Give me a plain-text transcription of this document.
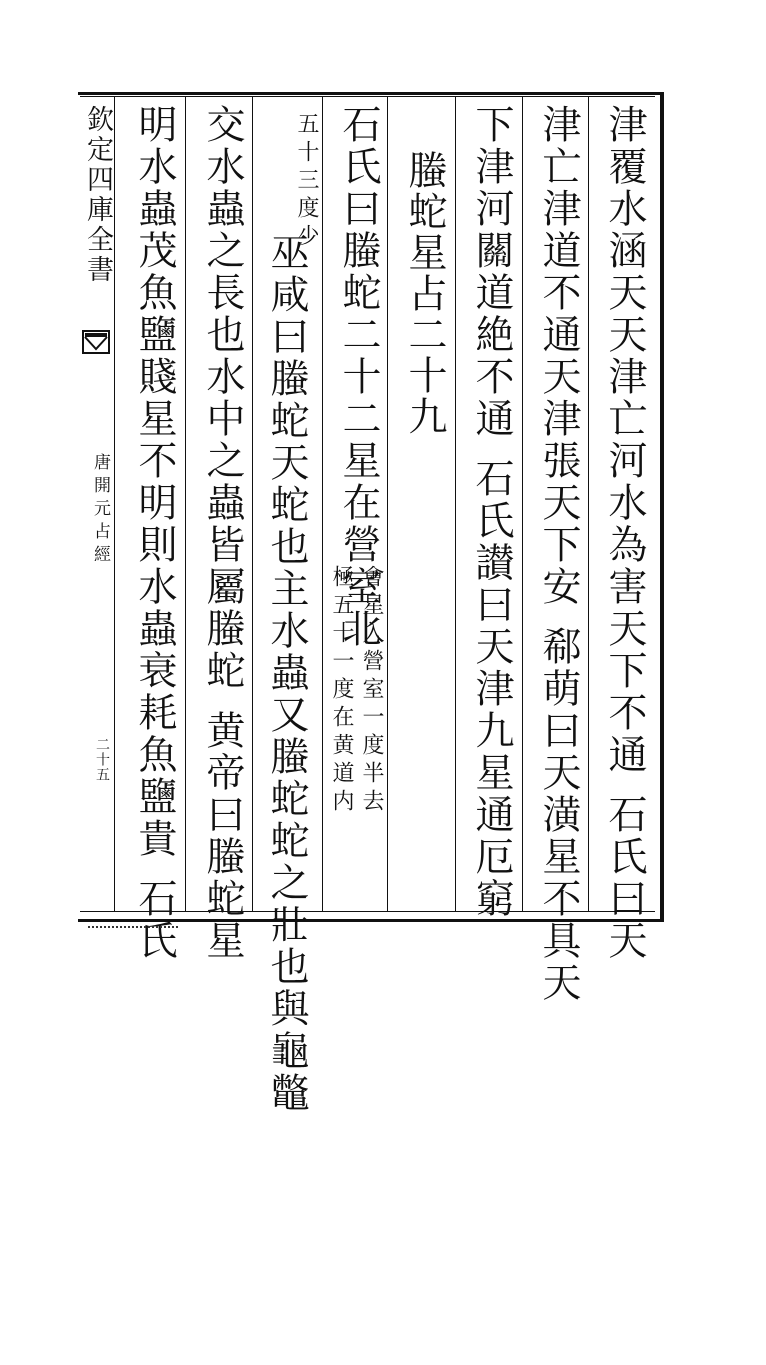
欽定四庫全書
唐開元占經
二十五	津覆水涵天天津亡河水為害天下不通石氏曰天
津亡津道不通天津張天下安郗萌曰天潢星不具天
下津河關道絶不通石氏讃曰天津九星通厄窮
螣蛇星占二十九
石氏曰螣蛇二十二星在營室北
㑹星入營室一度半去
極五十一度在黄道内
五十三度少
巫咸曰螣蛇天蛇也主水蟲又螣蛇蛇之壯也與龜鼈
交水蟲之長也水中之蟲皆屬螣蛇黄帝曰螣蛇星
明水蟲茂魚鹽賤星不明則水蟲衰耗魚鹽貴石氏
